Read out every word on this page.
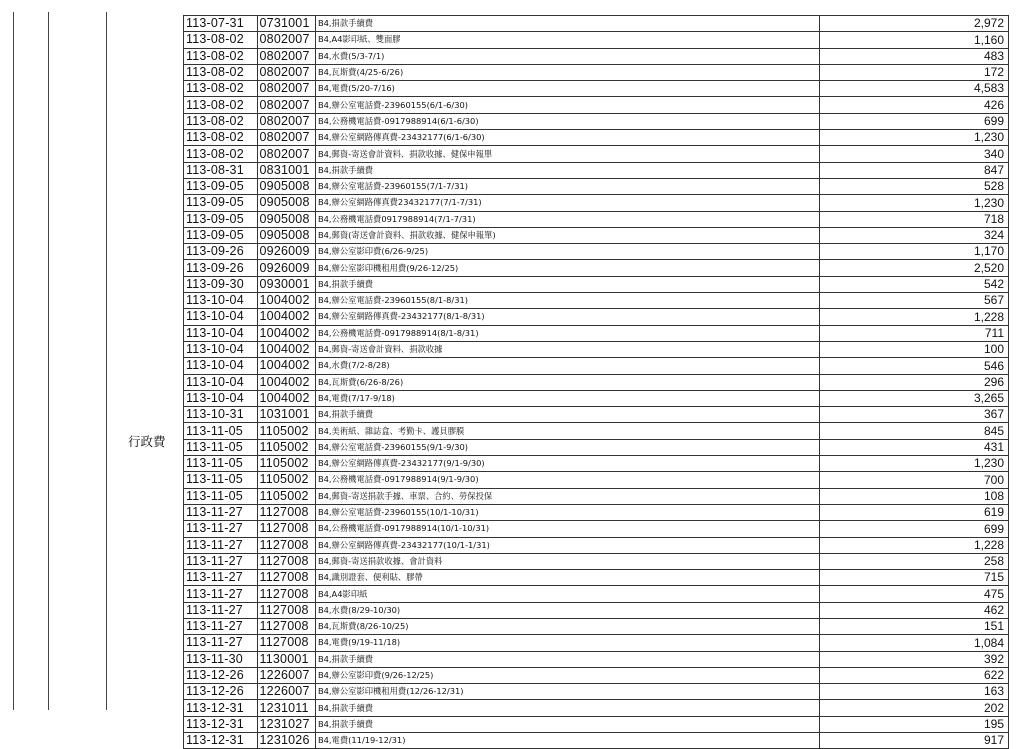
行政費
113-07-31	0731001	B4,捐款手續費	2,972
113-08-02	0802007	B4,A4影印紙、雙面膠	1,160
113-08-02	0802007	B4,水費(5/3-7/1)	483
113-08-02	0802007	B4,瓦斯費(4/25-6/26)	172
113-08-02	0802007	B4,電費(5/20-7/16)	4,583
113-08-02	0802007	B4,辦公室電話費-23960155(6/1-6/30)	426
113-08-02	0802007	B4,公務機電話費-0917988914(6/1-6/30)	699
113-08-02	0802007	B4,辦公室網路傳真費-23432177(6/1-6/30)	1,230
113-08-02	0802007	B4,郵資-寄送會計資料、捐款收據、健保申報單	340
113-08-31	0831001	B4,捐款手續費	847
113-09-05	0905008	B4,辦公室電話費-23960155(7/1-7/31)	528
113-09-05	0905008	B4,辦公室網路傳真費23432177(7/1-7/31)	1,230
113-09-05	0905008	B4,公務機電話費0917988914(7/1-7/31)	718
113-09-05	0905008	B4,郵資(寄送會計資料、捐款收據、健保申報單)	324
113-09-26	0926009	B4,辦公室影印費(6/26-9/25)	1,170
113-09-26	0926009	B4,辦公室影印機租用費(9/26-12/25)	2,520
113-09-30	0930001	B4,捐款手續費	542
113-10-04	1004002	B4,辦公室電話費-23960155(8/1-8/31)	567
113-10-04	1004002	B4,辦公室網路傳真費-23432177(8/1-8/31)	1,228
113-10-04	1004002	B4,公務機電話費-0917988914(8/1-8/31)	711
113-10-04	1004002	B4,郵資-寄送會計資料、捐款收據	100
113-10-04	1004002	B4,水費(7/2-8/28)	546
113-10-04	1004002	B4,瓦斯費(6/26-8/26)	296
113-10-04	1004002	B4,電費(7/17-9/18)	3,265
113-10-31	1031001	B4,捐款手續費	367
113-11-05	1105002	B4,美術紙、雜誌盒、考勤卡、護貝膠膜	845
113-11-05	1105002	B4,辦公室電話費-23960155(9/1-9/30)	431
113-11-05	1105002	B4,辦公室網路傳真費-23432177(9/1-9/30)	1,230
113-11-05	1105002	B4,公務機電話費-0917988914(9/1-9/30)	700
113-11-05	1105002	B4,郵資-寄送捐款手據、車票、合約、勞保投保	108
113-11-27	1127008	B4,辦公室電話費-23960155(10/1-10/31)	619
113-11-27	1127008	B4,公務機電話費-0917988914(10/1-10/31)	699
113-11-27	1127008	B4,辦公室網路傳真費-23432177(10/1-1/31)	1,228
113-11-27	1127008	B4,郵資-寄送捐款收據、會計資料	258
113-11-27	1127008	B4,識別證套、便利貼、膠帶	715
113-11-27	1127008	B4,A4影印紙	475
113-11-27	1127008	B4,水費(8/29-10/30)	462
113-11-27	1127008	B4,瓦斯費(8/26-10/25)	151
113-11-27	1127008	B4,電費(9/19-11/18)	1,084
113-11-30	1130001	B4,捐款手續費	392
113-12-26	1226007	B4,辦公室影印費(9/26-12/25)	622
113-12-26	1226007	B4,辦公室影印機租用費(12/26-12/31)	163
113-12-31	1231011	B4,捐款手續費	202
113-12-31	1231027	B4,捐款手續費	195
113-12-31	1231026	B4,電費(11/19-12/31)	917
